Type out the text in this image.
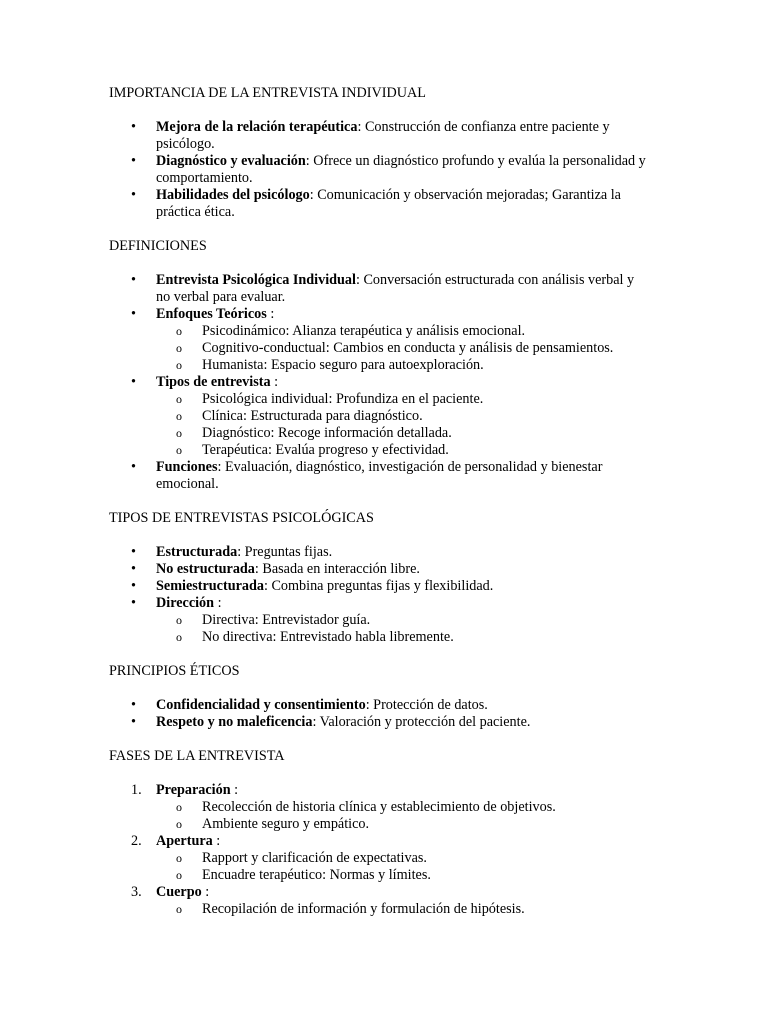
IMPORTANCIA DE LA ENTREVISTA INDIVIDUAL
• Mejora de la relación terapéutica: Construcción de confianza entre paciente y psicólogo.
• Diagnóstico y evaluación: Ofrece un diagnóstico profundo y evalúa la personalidad y comportamiento.
• Habilidades del psicólogo: Comunicación y observación mejoradas; Garantiza la práctica ética.
DEFINICIONES
• Entrevista Psicológica Individual: Conversación estructurada con análisis verbal y no verbal para evaluar.
• Enfoques Teóricos :
o Psicodinámico: Alianza terapéutica y análisis emocional.
o Cognitivo-conductual: Cambios en conducta y análisis de pensamientos.
o Humanista: Espacio seguro para autoexploración.
• Tipos de entrevista :
o Psicológica individual: Profundiza en el paciente.
o Clínica: Estructurada para diagnóstico.
o Diagnóstico: Recoge información detallada.
o Terapéutica: Evalúa progreso y efectividad.
• Funciones: Evaluación, diagnóstico, investigación de personalidad y bienestar emocional.
TIPOS DE ENTREVISTAS PSICOLÓGICAS
• Estructurada: Preguntas fijas.
• No estructurada: Basada en interacción libre.
• Semiestructurada: Combina preguntas fijas y flexibilidad.
• Dirección :
o Directiva: Entrevistador guía.
o No directiva: Entrevistado habla libremente.
PRINCIPIOS ÉTICOS
• Confidencialidad y consentimiento: Protección de datos.
• Respeto y no maleficencia: Valoración y protección del paciente.
FASES DE LA ENTREVISTA
1. Preparación :
o Recolección de historia clínica y establecimiento de objetivos.
o Ambiente seguro y empático.
2. Apertura :
o Rapport y clarificación de expectativas.
o Encuadre terapéutico: Normas y límites.
3. Cuerpo :
o Recopilación de información y formulación de hipótesis.
